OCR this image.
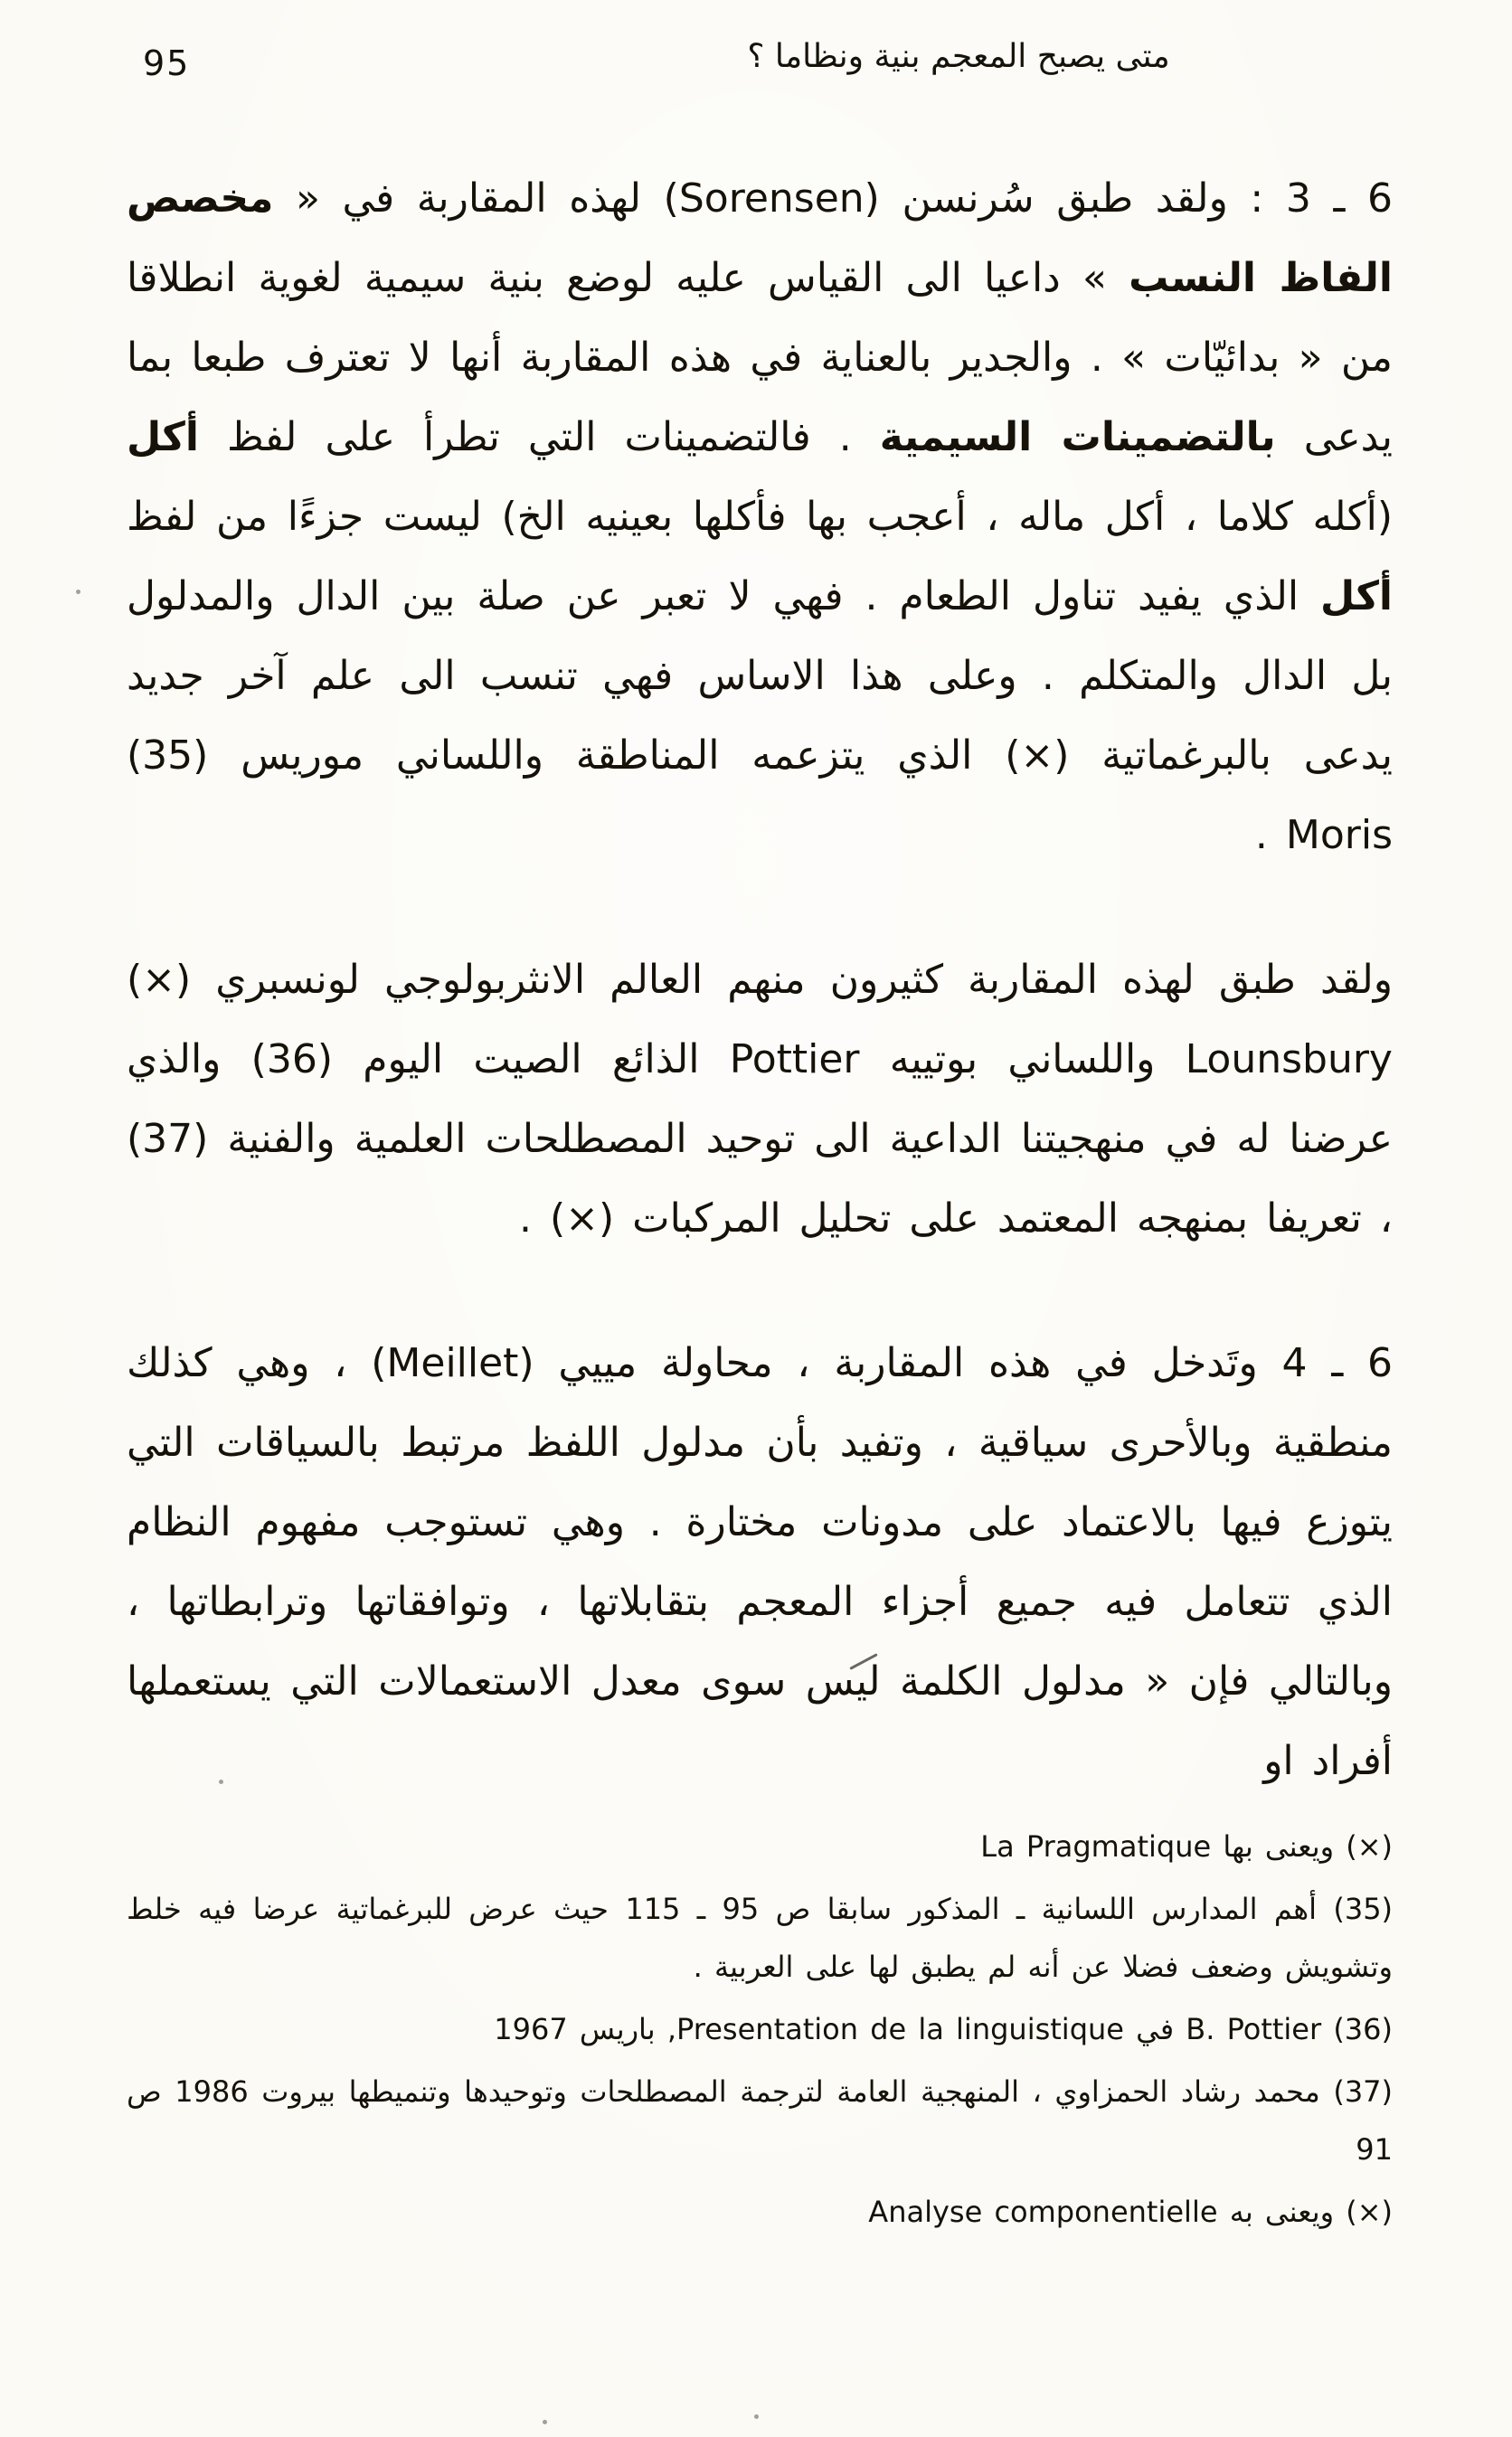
95	متى يصبح المعجم بنية ونظاما ؟

6 ـ 3 : ولقد طبق سُرنسن (Sorensen) لهذه المقاربة في « مخصص الفاظ النسب » داعيا الى القياس عليه لوضع بنية سيمية لغوية انطلاقا من « بدائيّات » . والجدير بالعناية في هذه المقاربة أنها لا تعترف طبعا بما يدعى بالتضمينات السيمية . فالتضمينات التي تطرأ على لفظ أكل (أكله كلاما ، أكل ماله ، أعجب بها فأكلها بعينيه الخ) ليست جزءًا من لفظ أكل الذي يفيد تناول الطعام . فهي لا تعبر عن صلة بين الدال والمدلول بل الدال والمتكلم . وعلى هذا الاساس فهي تنسب الى علم آخر جديد يدعى بالبرغماتية (×) الذي يتزعمه المناطقة واللساني موريس (35) Moris .

ولقد طبق لهذه المقاربة كثيرون منهم العالم الانثربولوجي لونسبري (×) Lounsbury واللساني بوتييه Pottier الذائع الصيت اليوم (36) والذي عرضنا له في منهجيتنا الداعية الى توحيد المصطلحات العلمية والفنية (37) ، تعريفا بمنهجه المعتمد على تحليل المركبات (×) .

6 ـ 4 وتَدخل في هذه المقاربة ، محاولة مييي (Meillet) ، وهي كذلك منطقية وبالأحرى سياقية ، وتفيد بأن مدلول اللفظ مرتبط بالسياقات التي يتوزع فيها بالاعتماد على مدونات مختارة . وهي تستوجب مفهوم النظام الذي تتعامل فيه جميع أجزاء المعجم بتقابلاتها ، وتوافقاتها وترابطاتها ، وبالتالي فإن « مدلول الكلمة ليس سوى معدل الاستعمالات التي يستعملها أفراد او

(×) ويعنى بها La Pragmatique
(35) أهم المدارس اللسانية ـ المذكور سابقا ص 95 ـ 115 حيث عرض للبرغماتية عرضا فيه خلط وتشويش وضعف فضلا عن أنه لم يطبق لها على العربية .
(36) B. Pottier في Presentation de la linguistique, باريس 1967
(37) محمد رشاد الحمزاوي ، المنهجية العامة لترجمة المصطلحات وتوحيدها وتنميطها بيروت 1986 ص 91
(×) ويعنى به Analyse componentielle
